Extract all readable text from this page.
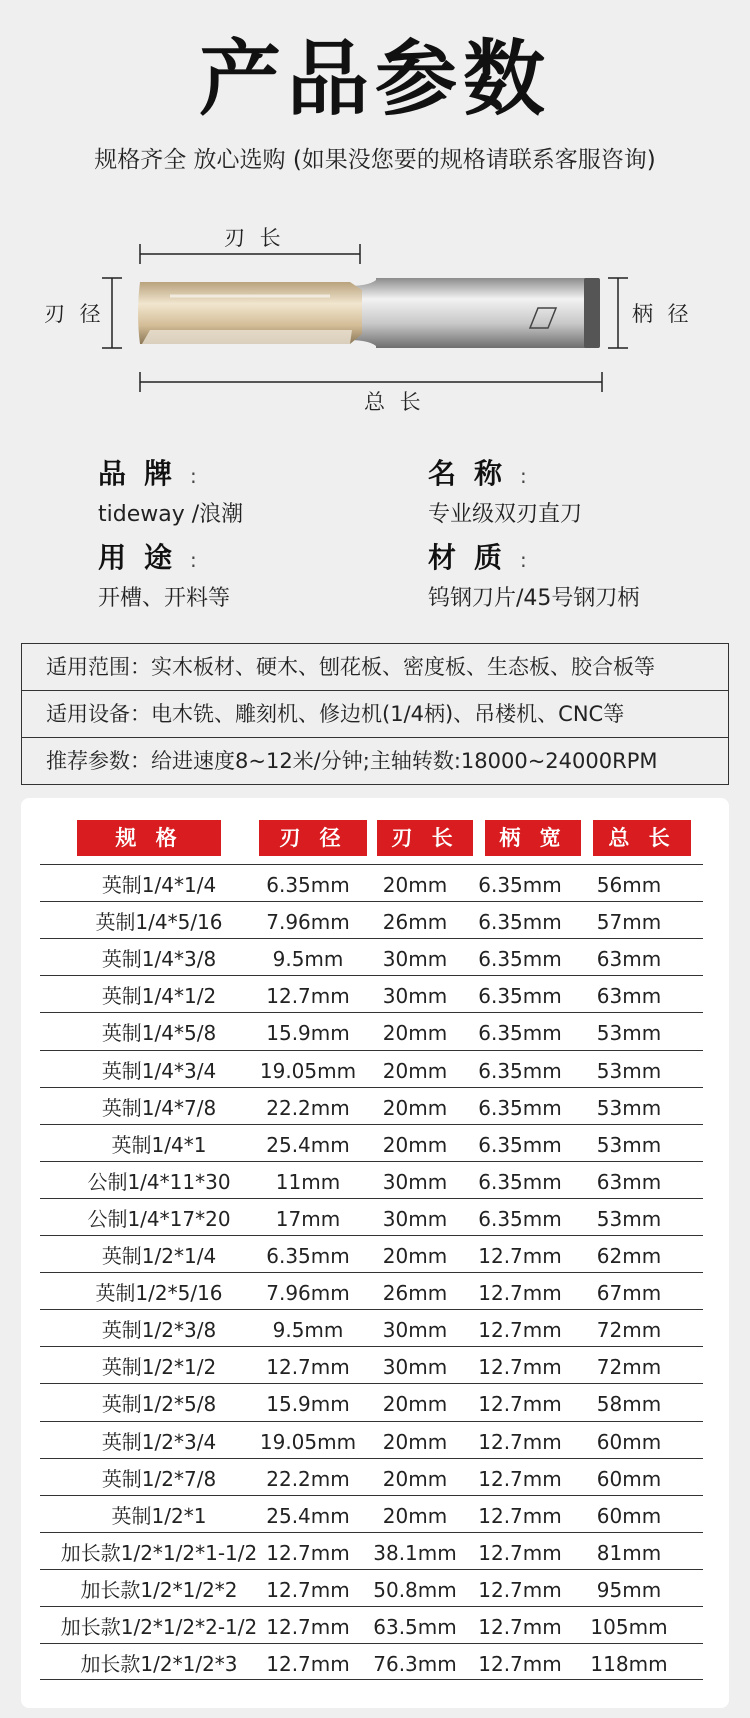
产品参数
规格齐全 放心选购 (如果没您要的规格请联系客服咨询)
刃 长
刃 径	柄 径
总 长
品牌:
tideway /浪潮
名称:
专业级双刃直刀
用途:
开槽、开料等
材质:
钨钢刀片/45号钢刀柄
适用范围：实木板材、硬木、刨花板、密度板、生态板、胶合板等
适用设备：电木铣、雕刻机、修边机(1/4柄)、吊楼机、CNC等
推荐参数：给进速度8~12米/分钟;主轴转数:18000~24000RPM
规 格	刃 径	刃 长	柄 宽	总 长
英制1/4*1/4	6.35mm	20mm	6.35mm	56mm
英制1/4*5/16	7.96mm	26mm	6.35mm	57mm
英制1/4*3/8	9.5mm	30mm	6.35mm	63mm
英制1/4*1/2	12.7mm	30mm	6.35mm	63mm
英制1/4*5/8	15.9mm	20mm	6.35mm	53mm
英制1/4*3/4	19.05mm	20mm	6.35mm	53mm
英制1/4*7/8	22.2mm	20mm	6.35mm	53mm
英制1/4*1	25.4mm	20mm	6.35mm	53mm
公制1/4*11*30	11mm	30mm	6.35mm	63mm
公制1/4*17*20	17mm	30mm	6.35mm	53mm
英制1/2*1/4	6.35mm	20mm	12.7mm	62mm
英制1/2*5/16	7.96mm	26mm	12.7mm	67mm
英制1/2*3/8	9.5mm	30mm	12.7mm	72mm
英制1/2*1/2	12.7mm	30mm	12.7mm	72mm
英制1/2*5/8	15.9mm	20mm	12.7mm	58mm
英制1/2*3/4	19.05mm	20mm	12.7mm	60mm
英制1/2*7/8	22.2mm	20mm	12.7mm	60mm
英制1/2*1	25.4mm	20mm	12.7mm	60mm
加长款1/2*1/2*1-1/2 12.7mm	38.1mm	12.7mm	81mm
加长款1/2*1/2*2	12.7mm	50.8mm	12.7mm	95mm
加长款1/2*1/2*2-1/2 12.7mm	63.5mm	12.7mm	105mm
加长款1/2*1/2*3	12.7mm	76.3mm	12.7mm	118mm
